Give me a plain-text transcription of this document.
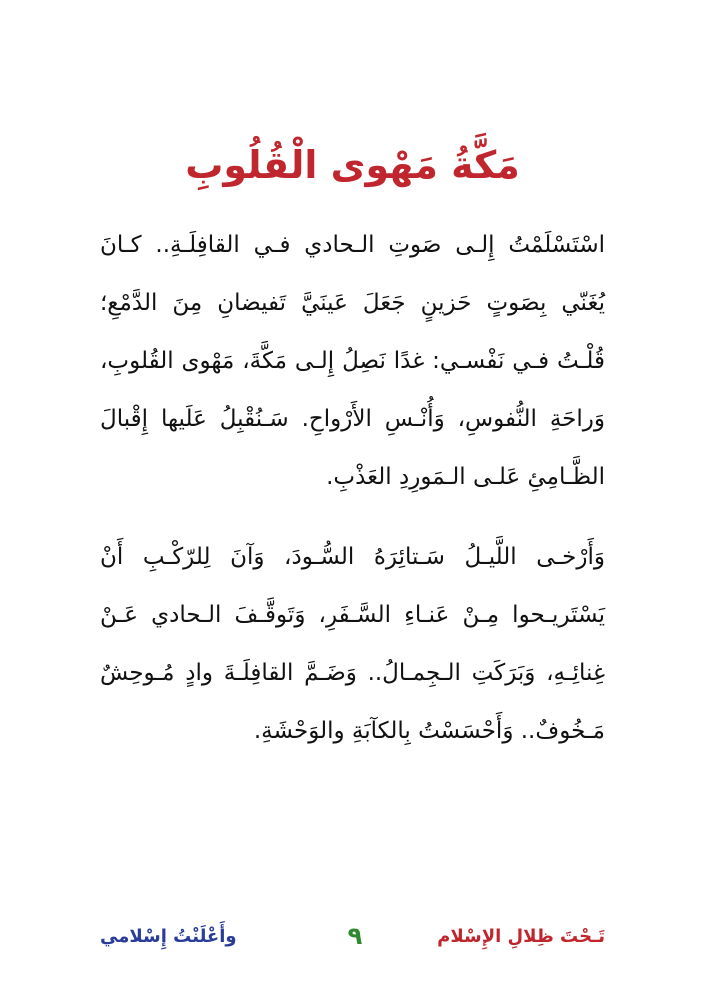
مَكَّةُ مَهْوى الْقُلُوبِ

اسْتَسْلَمْتُ إِلـى صَوتِ الـحادي فـي القافِلَـةِ.. كـانَ يُغَنّي بِصَوتٍ حَزينٍ جَعَلَ عَينَيَّ تَفيضانِ مِنَ الدَّمْعِ؛ قُلْـتُ فـي نَفْسـي: غدًا نَصِلُ إِلـى مَكَّةَ، مَهْوى القُلوبِ، وَراحَةِ النُّفوسِ، وَأُنْـسِ الأَرْواحِ. سَـنُقْبِلُ عَلَيها إِقْبالَ الظَّـامِئِ عَلـى الـمَورِدِ العَذْبِ.

وَأَرْخـى اللَّيـلُ سَـتائِرَهُ السُّـودَ، وَآنَ لِلرّكْـبِ أَنْ يَسْتَريـحوا مِـنْ عَنـاءِ السَّـفَرِ، وَتَوقَّـفَ الـحادي عَـنْ غِنائِـهِ، وَبَرَكَتِ الـجِمـالُ.. وَضَـمَّ القافِلَـةَ وادٍ مُـوحِشٌ مَـخُوفٌ.. وَأَحْسَسْتُ بِالكآبَةِ والوَحْشَةِ.

تَـحْتَ ظِلالِ الإِسْلام
٩
وأَعْلَنْتُ إِسْلامي
